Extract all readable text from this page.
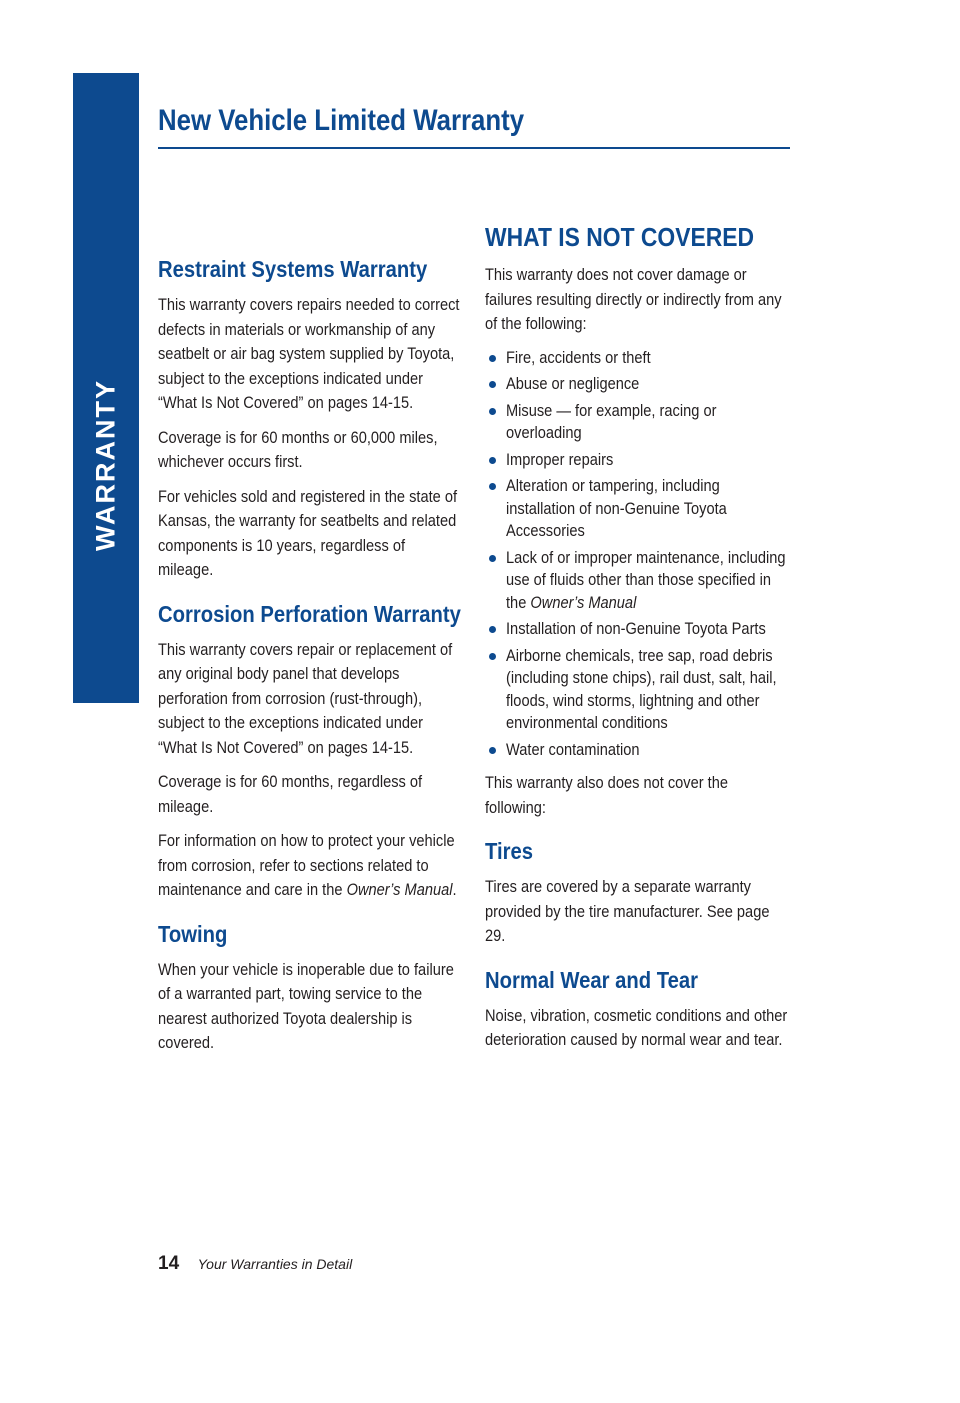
WARRANTY
New Vehicle Limited Warranty
Restraint Systems Warranty

This warranty covers repairs needed to correct defects in materials or workmanship of any seatbelt or air bag system supplied by Toyota, subject to the exceptions indicated under “What Is Not Covered” on pages 14-15.

Coverage is for 60 months or 60,000 miles, whichever occurs first.

For vehicles sold and registered in the state of Kansas, the warranty for seatbelts and related components is 10 years, regardless of mileage.

Corrosion Perforation Warranty

This warranty covers repair or replacement of any original body panel that develops perforation from corrosion (rust-through), subject to the exceptions indicated under “What Is Not Covered” on pages 14-15.

Coverage is for 60 months, regardless of mileage.

For information on how to protect your vehicle from corrosion, refer to sections related to maintenance and care in the Owner’s Manual.

Towing

When your vehicle is inoperable due to failure of a warranted part, towing service to the nearest authorized Toyota dealership is covered.

WHAT IS NOT COVERED

This warranty does not cover damage or failures resulting directly or indirectly from any of the following:

Fire, accidents or theft
Abuse or negligence
Misuse — for example, racing or overloading
Improper repairs
Alteration or tampering, including installation of non-Genuine Toyota Accessories
Lack of or improper maintenance, including use of fluids other than those specified in the Owner’s Manual
Installation of non-Genuine Toyota Parts
Airborne chemicals, tree sap, road debris (including stone chips), rail dust, salt, hail, floods, wind storms, lightning and other environmental conditions
Water contamination

This warranty also does not cover the following:

Tires

Tires are covered by a separate warranty provided by the tire manufacturer. See page 29.

Normal Wear and Tear

Noise, vibration, cosmetic conditions and other deterioration caused by normal wear and tear.

14 Your Warranties in Detail
